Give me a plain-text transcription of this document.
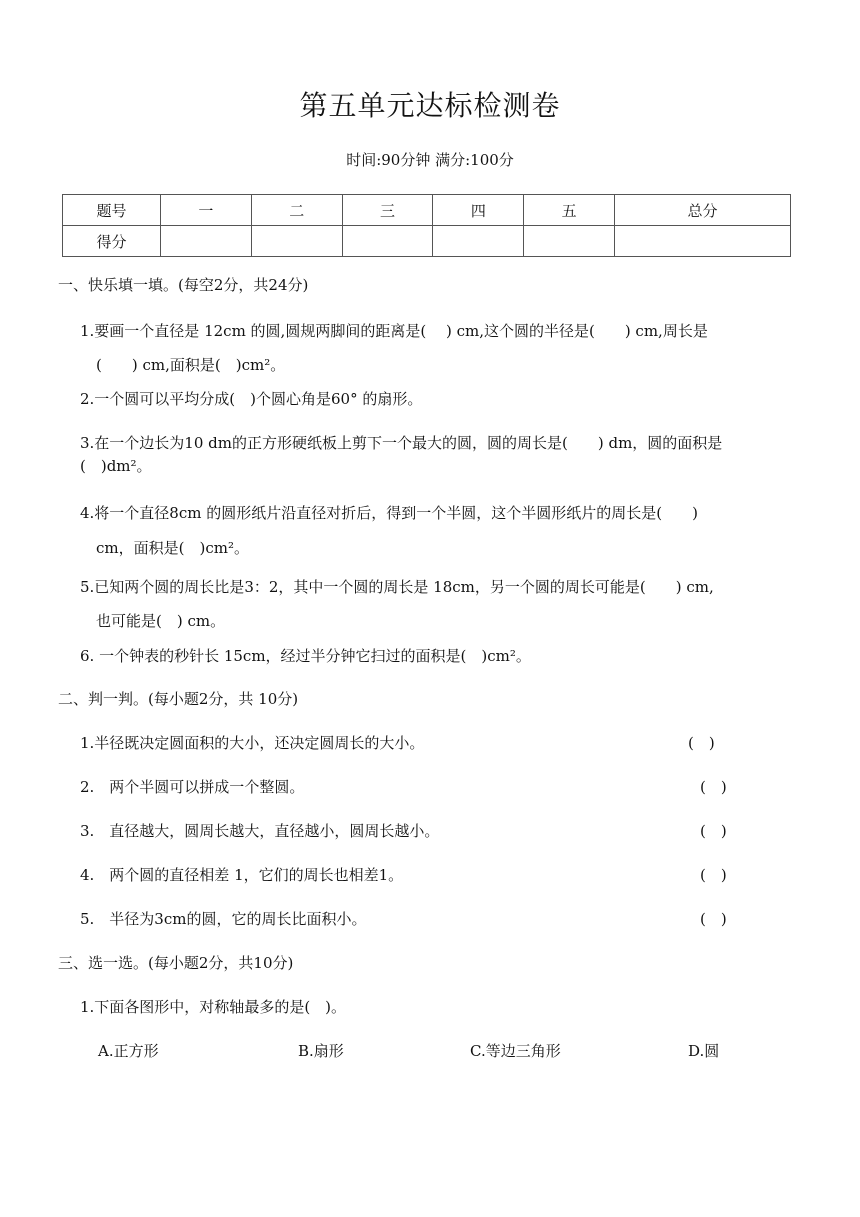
第五单元达标检测卷
时间:90分钟 满分:100分
题号	一	二	三	四	五	总分
得分						
一、快乐填一填。(每空2分，共24分)
1.要画一个直径是 12cm 的圆,圆规两脚间的距离是(　 ) cm,这个圆的半径是(　　) cm,周长是
(　　) cm,面积是(　)cm²。
2.一个圆可以平均分成(　)个圆心角是60° 的扇形。
3.在一个边长为10 dm的正方形硬纸板上剪下一个最大的圆，圆的周长是(　　) dm，圆的面积是
(　)dm²。
4.将一个直径8cm 的圆形纸片沿直径对折后，得到一个半圆，这个半圆形纸片的周长是(　　)
cm，面积是(　)cm²。
5.已知两个圆的周长比是3：2，其中一个圆的周长是 18cm，另一个圆的周长可能是(　　) cm,
也可能是(　) cm。
6. 一个钟表的秒针长 15cm，经过半分钟它扫过的面积是(　)cm²。
二、判一判。(每小题2分，共 10分)
1.半径既决定圆面积的大小，还决定圆周长的大小。	(　)
2.　两个半圆可以拼成一个整圆。	(　)
3.　直径越大，圆周长越大，直径越小，圆周长越小。	(　)
4.　两个圆的直径相差 1，它们的周长也相差1。	(　)
5.　半径为3cm的圆，它的周长比面积小。	(　)
三、选一选。(每小题2分，共10分)
1.下面各图形中，对称轴最多的是(　)。
A.正方形	B.扇形	C.等边三角形	D.圆
